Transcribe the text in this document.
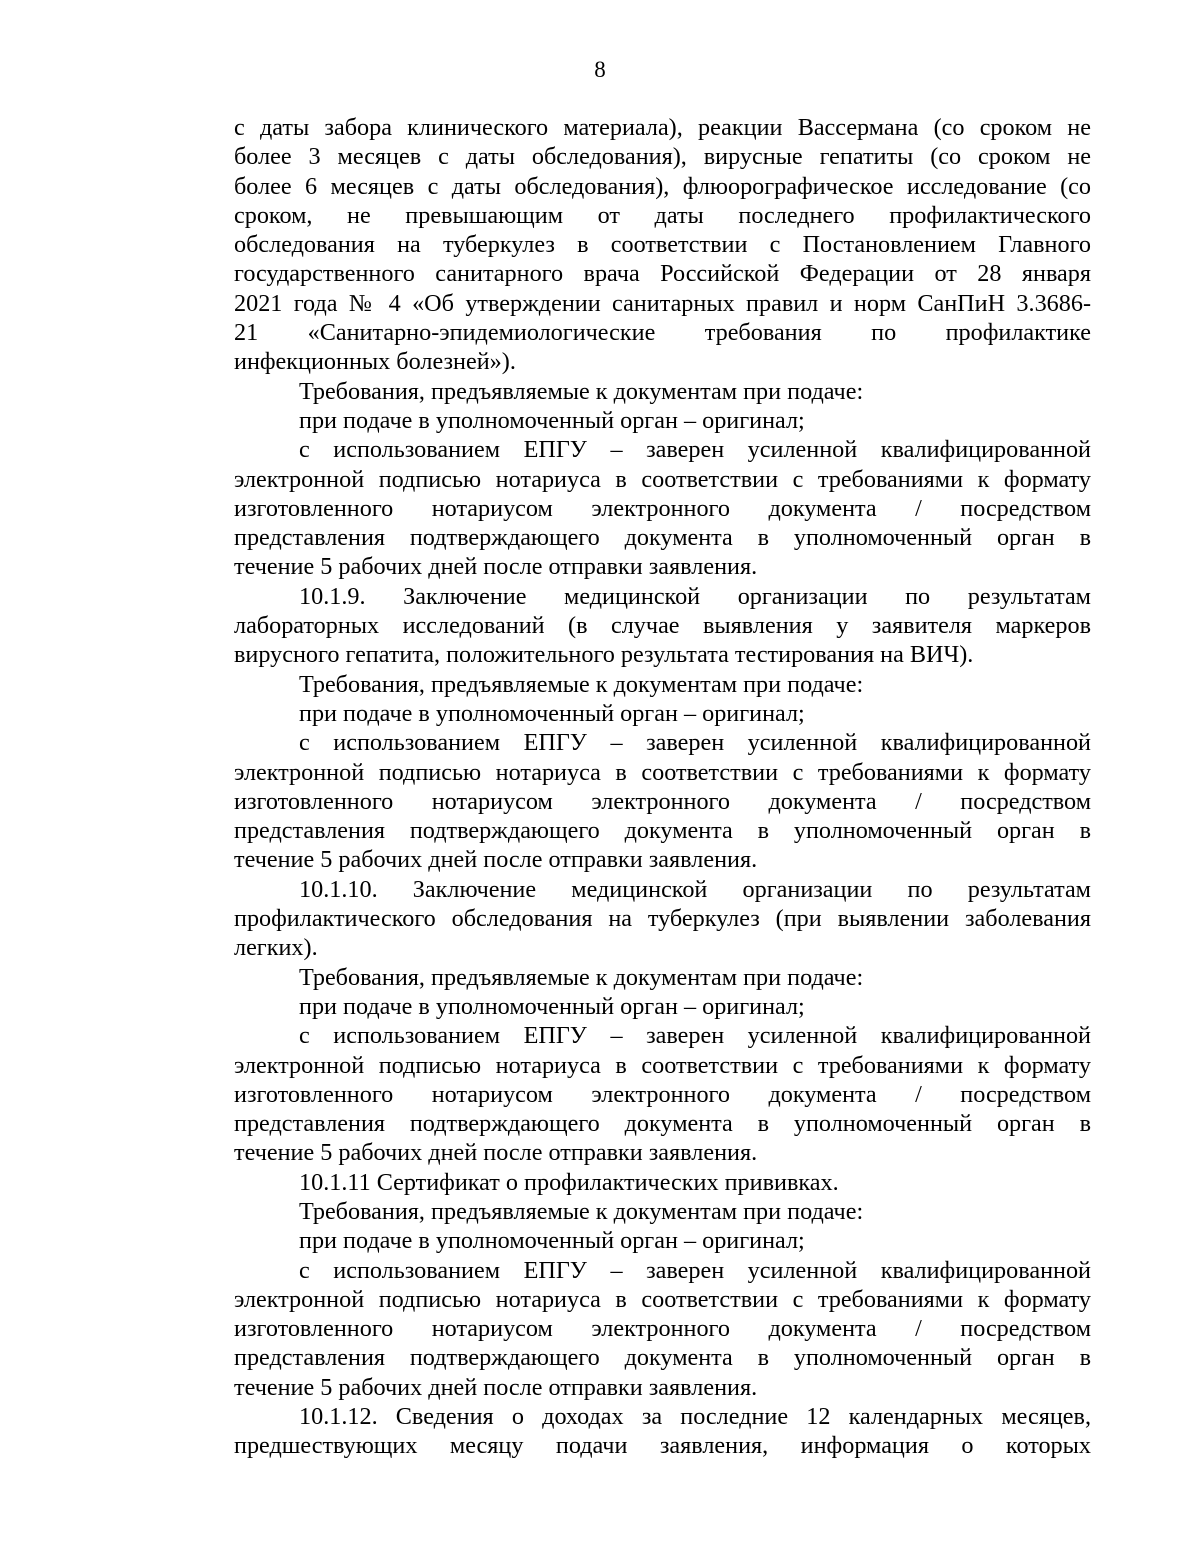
8
с даты забора клинического материала), реакции Вассермана (со сроком не
более 3 месяцев с даты обследования), вирусные гепатиты (со сроком не
более 6 месяцев с даты обследования), флюорографическое исследование (со
сроком, не превышающим от даты последнего профилактического
обследования на туберкулез в соответствии с Постановлением Главного
государственного санитарного врача Российской Федерации от 28 января
2021 года № 4 «Об утверждении санитарных правил и норм СанПиН 3.3686-
21 «Санитарно-эпидемиологические требования по профилактике
инфекционных болезней»).
Требования, предъявляемые к документам при подаче:
при подаче в уполномоченный орган – оригинал;
с использованием ЕПГУ – заверен усиленной квалифицированной
электронной подписью нотариуса в соответствии с требованиями к формату
изготовленного нотариусом электронного документа / посредством
представления подтверждающего документа в уполномоченный орган в
течение 5 рабочих дней после отправки заявления.
10.1.9. Заключение медицинской организации по результатам
лабораторных исследований (в случае выявления у заявителя маркеров
вирусного гепатита, положительного результата тестирования на ВИЧ).
Требования, предъявляемые к документам при подаче:
при подаче в уполномоченный орган – оригинал;
с использованием ЕПГУ – заверен усиленной квалифицированной
электронной подписью нотариуса в соответствии с требованиями к формату
изготовленного нотариусом электронного документа / посредством
представления подтверждающего документа в уполномоченный орган в
течение 5 рабочих дней после отправки заявления.
10.1.10. Заключение медицинской организации по результатам
профилактического обследования на туберкулез (при выявлении заболевания
легких).
Требования, предъявляемые к документам при подаче:
при подаче в уполномоченный орган – оригинал;
с использованием ЕПГУ – заверен усиленной квалифицированной
электронной подписью нотариуса в соответствии с требованиями к формату
изготовленного нотариусом электронного документа / посредством
представления подтверждающего документа в уполномоченный орган в
течение 5 рабочих дней после отправки заявления.
10.1.11 Сертификат о профилактических прививках.
Требования, предъявляемые к документам при подаче:
при подаче в уполномоченный орган – оригинал;
с использованием ЕПГУ – заверен усиленной квалифицированной
электронной подписью нотариуса в соответствии с требованиями к формату
изготовленного нотариусом электронного документа / посредством
представления подтверждающего документа в уполномоченный орган в
течение 5 рабочих дней после отправки заявления.
10.1.12. Сведения о доходах за последние 12 календарных месяцев,
предшествующих месяцу подачи заявления, информация о которых
